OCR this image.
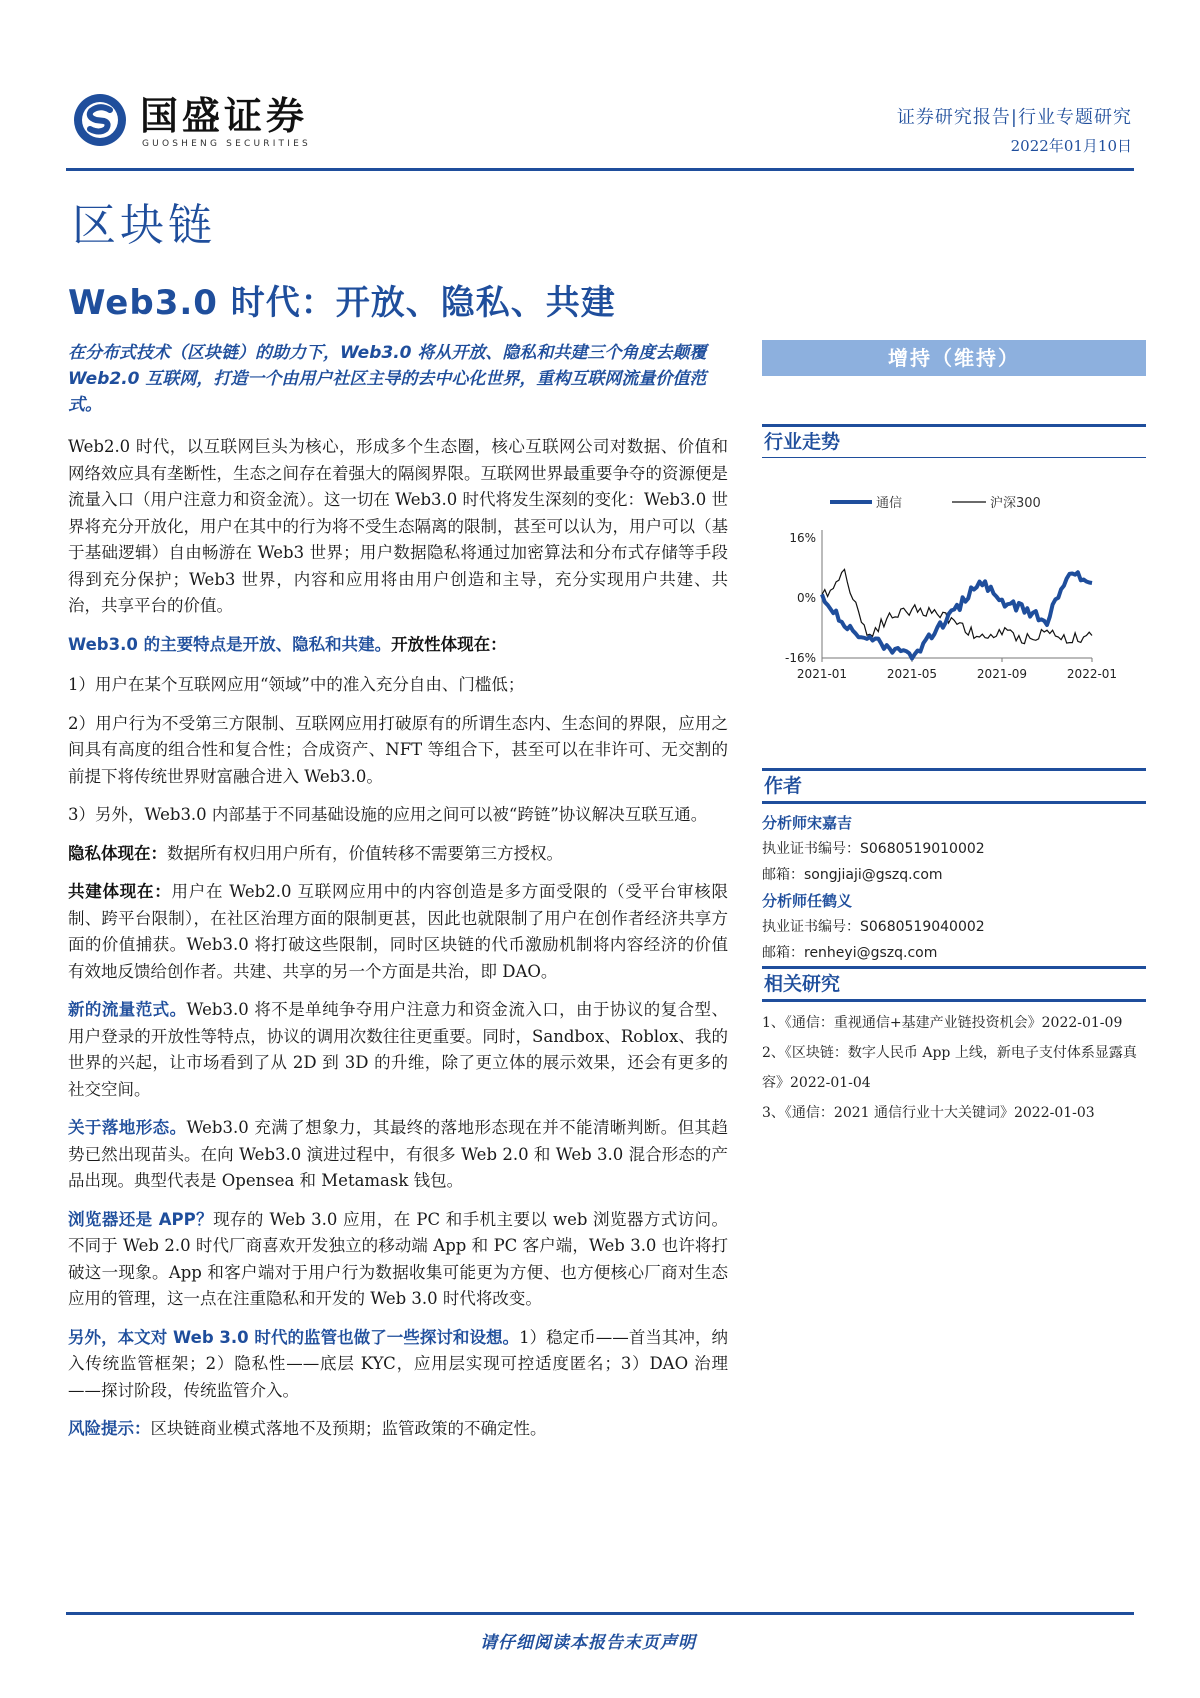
国盛证券
GUOSHENG SECURITIES
证券研究报告|行业专题研究
2022年01月10日
区块链
Web3.0 时代：开放、隐私、共建

在分布式技术（区块链）的助力下，Web3.0 将从开放、隐私和共建三个角度去颠覆 Web2.0 互联网，打造一个由用户社区主导的去中心化世界，重构互联网流量价值范式。

Web2.0 时代，以互联网巨头为核心，形成多个生态圈，核心互联网公司对数据、价值和网络效应具有垄断性，生态之间存在着强大的隔阂界限。互联网世界最重要争夺的资源便是流量入口（用户注意力和资金流）。这一切在 Web3.0 时代将发生深刻的变化：Web3.0 世界将充分开放化，用户在其中的行为将不受生态隔离的限制，甚至可以认为，用户可以（基于基础逻辑）自由畅游在 Web3 世界；用户数据隐私将通过加密算法和分布式存储等手段得到充分保护；Web3 世界，内容和应用将由用户创造和主导，充分实现用户共建、共治，共享平台的价值。

Web3.0 的主要特点是开放、隐私和共建。开放性体现在：

1）用户在某个互联网应用“领域”中的准入充分自由、门槛低；

2）用户行为不受第三方限制、互联网应用打破原有的所谓生态内、生态间的界限，应用之间具有高度的组合性和复合性；合成资产、NFT 等组合下，甚至可以在非许可、无交割的前提下将传统世界财富融合进入 Web3.0。

3）另外，Web3.0 内部基于不同基础设施的应用之间可以被“跨链”协议解决互联互通。

隐私体现在：数据所有权归用户所有，价值转移不需要第三方授权。

共建体现在：用户在 Web2.0 互联网应用中的内容创造是多方面受限的（受平台审核限制、跨平台限制），在社区治理方面的限制更甚，因此也就限制了用户在创作者经济共享方面的价值捕获。Web3.0 将打破这些限制，同时区块链的代币激励机制将内容经济的价值有效地反馈给创作者。共建、共享的另一个方面是共治，即 DAO。

新的流量范式。Web3.0 将不是单纯争夺用户注意力和资金流入口，由于协议的复合型、用户登录的开放性等特点，协议的调用次数往往更重要。同时，Sandbox、Roblox、我的世界的兴起，让市场看到了从 2D 到 3D 的升维，除了更立体的展示效果，还会有更多的社交空间。

关于落地形态。Web3.0 充满了想象力，其最终的落地形态现在并不能清晰判断。但其趋势已然出现苗头。在向 Web3.0 演进过程中，有很多 Web 2.0 和 Web 3.0 混合形态的产品出现。典型代表是 Opensea 和 Metamask 钱包。

浏览器还是 APP？现存的 Web 3.0 应用，在 PC 和手机主要以 web 浏览器方式访问。不同于 Web 2.0 时代厂商喜欢开发独立的移动端 App 和 PC 客户端，Web 3.0 也许将打破这一现象。App 和客户端对于用户行为数据收集可能更为方便、也方便核心厂商对生态应用的管理，这一点在注重隐私和开发的 Web 3.0 时代将改变。

另外，本文对 Web 3.0 时代的监管也做了一些探讨和设想。1）稳定币——首当其冲，纳入传统监管框架；2）隐私性——底层 KYC，应用层实现可控适度匿名；3）DAO 治理——探讨阶段，传统监管介入。

风险提示：区块链商业模式落地不及预期；监管政策的不确定性。

增持（维持）
行业走势
通信	沪深300
16%
0%
-16%
2021-01	2021-05	2021-09	2022-01
作者
分析师宋嘉吉
执业证书编号：S0680519010002
邮箱：songjiaji@gszq.com
分析师任鹤义
执业证书编号：S0680519040002
邮箱：renheyi@gszq.com
相关研究
1、《通信：重视通信+基建产业链投资机会》2022-01-09
2、《区块链：数字人民币 App 上线，新电子支付体系显露真容》2022-01-04
3、《通信：2021 通信行业十大关键词》2022-01-03
请仔细阅读本报告末页声明
